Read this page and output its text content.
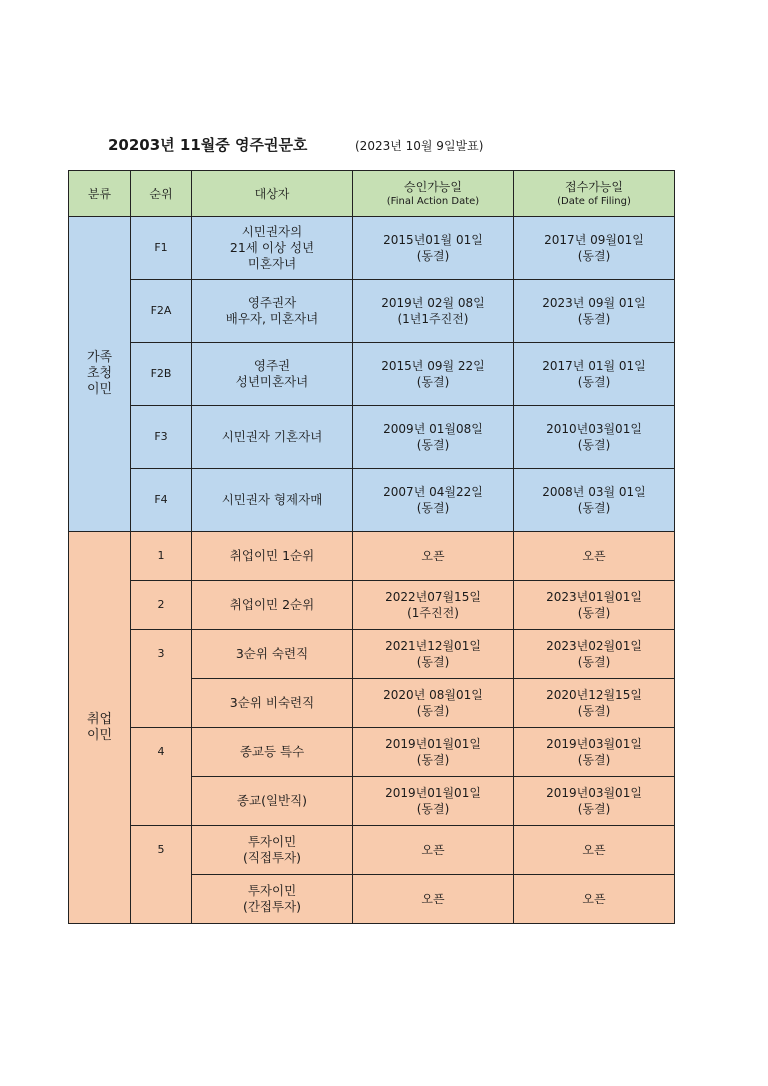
20203년 11월중 영주권문호	(2023년 10월 9일발표)
분류	순위	대상자	승인가능일
(Final Action Date)	접수가능일
(Date of Filing)

가족
초청
이민	F1	시민권자의
21세 이상 성년
미혼자녀	2015년01월 01일
(동결)	2017년 09월01일
(동결)
	F2A	영주권자
배우자, 미혼자녀	2019년 02월 08일
(1년1주진전)	2023년 09월 01일
(동결)
	F2B	영주권
성년미혼자녀	2015년 09월 22일
(동결)	2017년 01월 01일
(동결)
	F3	시민권자 기혼자녀	2009년 01월08일
(동결)	2010년03월01일
(동결)
	F4	시민권자 형제자매	2007년 04월22일
(동결)	2008년 03월 01일
(동결)
취업
이민	1	취업이민 1순위	오픈	오픈
	2	취업이민 2순위	2022년07월15일
(1주진전)	2023년01월01일
(동결)
	3	3순위 숙련직	2021년12월01일
(동결)	2023년02월01일
(동결)
		3순위 비숙련직	2020년 08월01일
(동결)	2020년12월15일
(동결)
	4	종교등 특수	2019년01월01일
(동결)	2019년03월01일
(동결)
		종교(일반직)	2019년01월01일
(동결)	2019년03월01일
(동결)
	5	투자이민
(직접투자)	오픈	오픈
		투자이민
(간접투자)	오픈	오픈
